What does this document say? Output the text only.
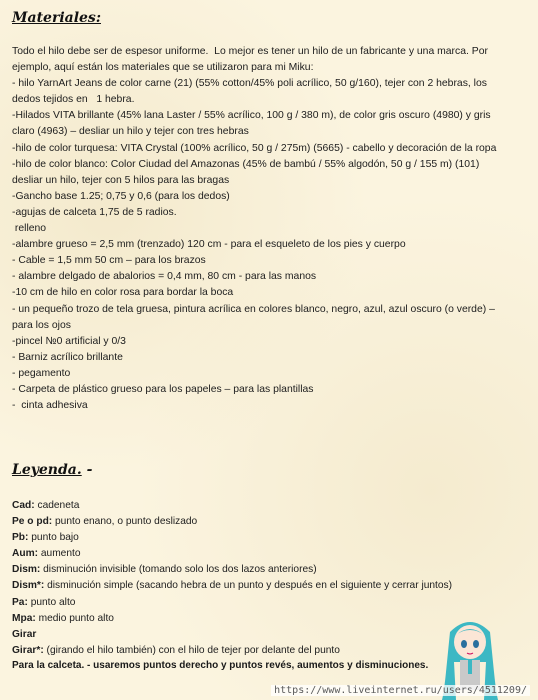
Materiales:
Todo el hilo debe ser de espesor uniforme.  Lo mejor es tener un hilo de un fabricante y una marca. Por
ejemplo, aquí están los materiales que se utilizaron para mi Miku:
- hilo YarnArt Jeans de color carne (21) (55% cotton/45% poli acrílico, 50 g/160), tejer con 2 hebras, los
dedos tejidos en   1 hebra.
-Hilados VITA brillante (45% lana Laster / 55% acrílico, 100 g / 380 m), de color gris oscuro (4980) y gris
claro (4963) – desliar un hilo y tejer con tres hebras
-hilo de color turquesa: VITA Crystal (100% acrílico, 50 g / 275m) (5665) - cabello y decoración de la ropa
-hilo de color blanco: Color Ciudad del Amazonas (45% de bambú / 55% algodón, 50 g / 155 m) (101)
desliar un hilo, tejer con 5 hilos para las bragas
-Gancho base 1.25; 0,75 y 0,6 (para los dedos)
-agujas de calceta 1,75 de 5 radios.
relleno
-alambre grueso = 2,5 mm (trenzado) 120 cm - para el esqueleto de los pies y cuerpo
- Cable = 1,5 mm 50 cm – para los brazos
- alambre delgado de abalorios = 0,4 mm, 80 cm - para las manos
-10 cm de hilo en color rosa para bordar la boca
- un pequeño trozo de tela gruesa, pintura acrílica en colores blanco, negro, azul, azul oscuro (o verde) –
para los ojos
-pincel №0 artificial y 0/3
- Barniz acrílico brillante
- pegamento
- Carpeta de plástico grueso para los papeles – para las plantillas
-  cinta adhesiva
Leyenda. -
Cad: cadeneta
Pe o pd: punto enano, o punto deslizado
Pb: punto bajo
Aum: aumento
Dism: disminución invisible (tomando solo los dos lazos anteriores)
Dism*: disminución simple (sacando hebra de un punto y después en el siguiente y cerrar juntos)
Pa: punto alto
Mpa: medio punto alto
Girar
Girar*: (girando el hilo también) con el hilo de tejer por delante del punto
Para la calceta. - usaremos puntos derecho y puntos revés, aumentos y disminuciones.
https://www.liveinternet.ru/users/4511209/
